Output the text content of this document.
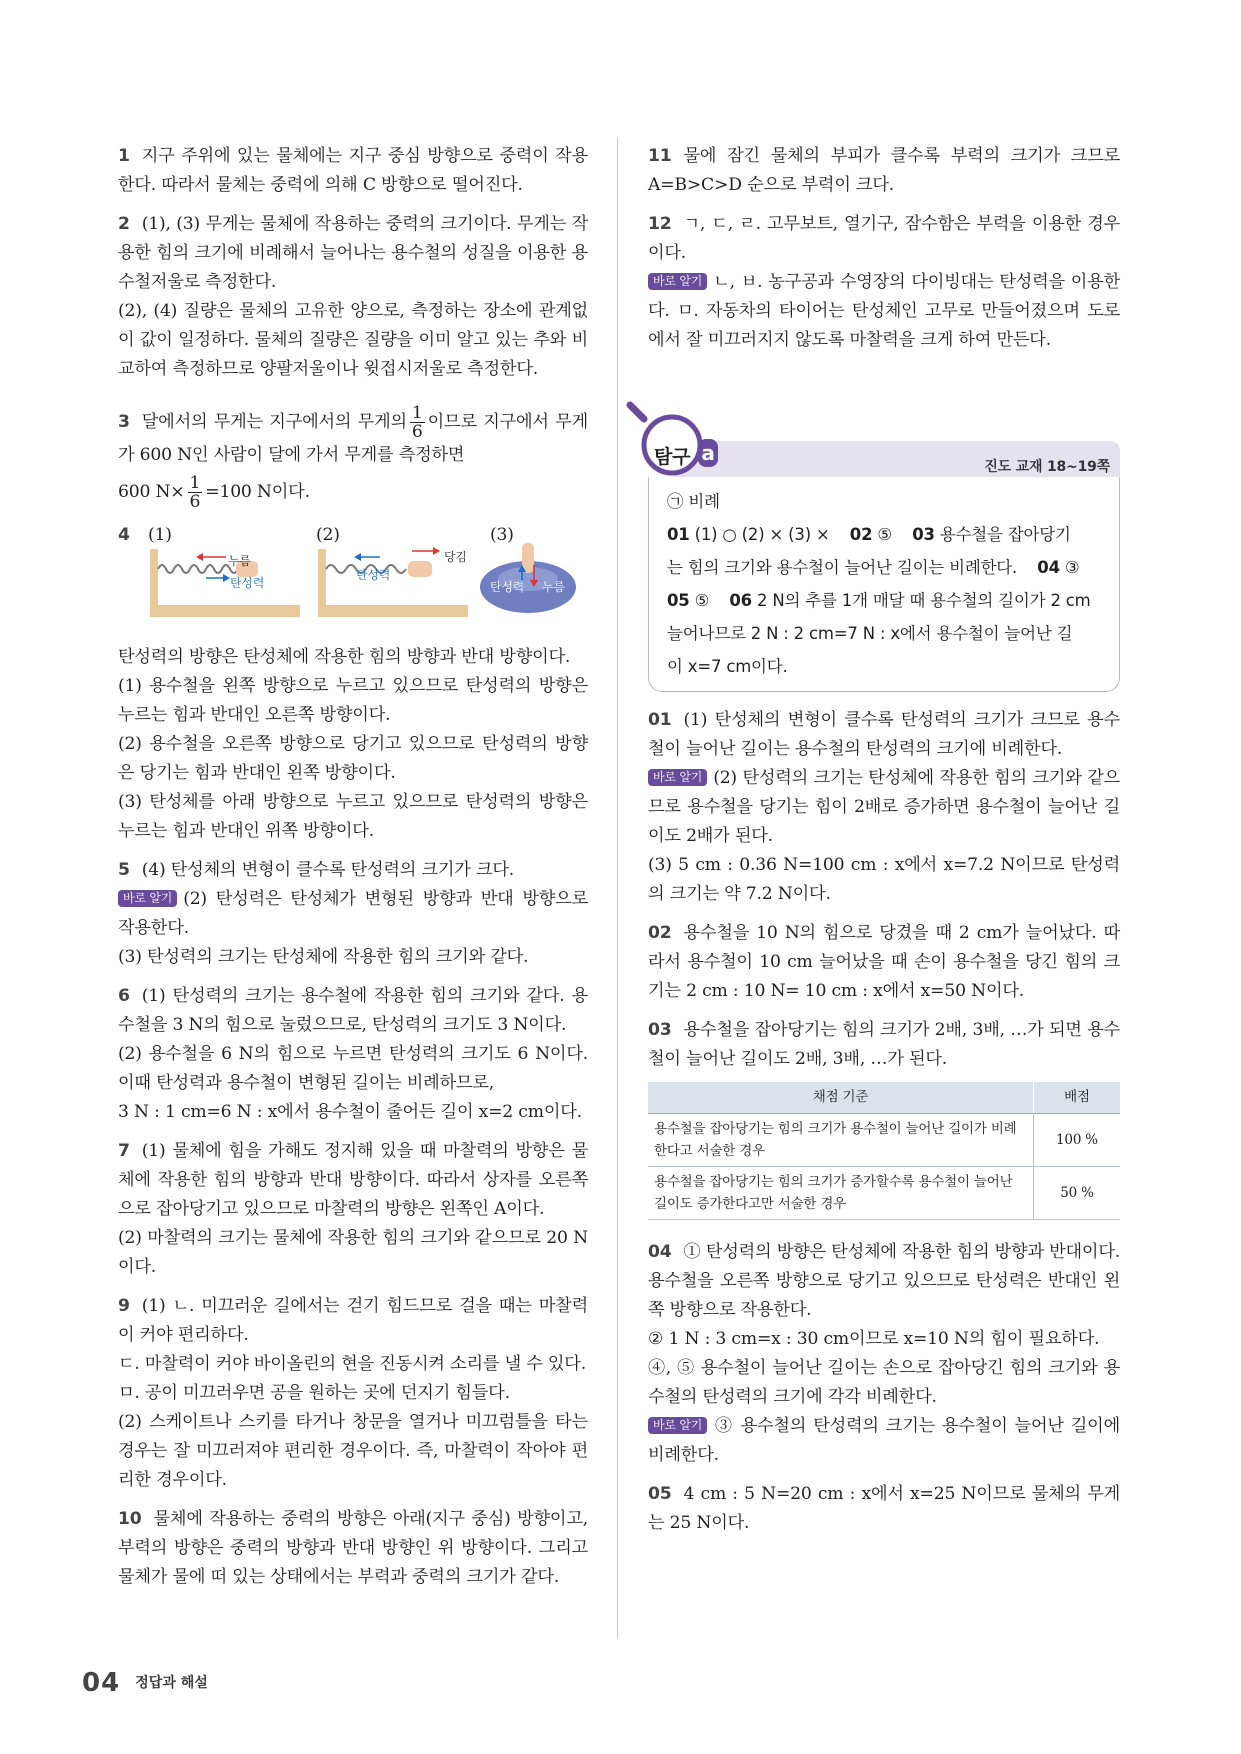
1 지구 주위에 있는 물체에는 지구 중심 방향으로 중력이 작용한다. 따라서 물체는 중력에 의해 C 방향으로 떨어진다.

2 (1), (3) 무게는 물체에 작용하는 중력의 크기이다. 무게는 작용한 힘의 크기에 비례해서 늘어나는 용수철의 성질을 이용한 용수철저울로 측정한다.

(2), (4) 질량은 물체의 고유한 양으로, 측정하는 장소에 관계없이 값이 일정하다. 물체의 질량은 질량을 이미 알고 있는 추와 비교하여 측정하므로 양팔저울이나 윗접시저울로 측정한다.

3 달에서의 무게는 지구에서의 무게의 $\frac{1}{6}$ 이므로 지구에서 무게가 600 N인 사람이 달에 가서 무게를 측정하면

600 $N\times \frac{1}{6} =100$ N이다.

4 (1)	(2)	(3)
누름
탄성력
탄성력
당김
탄성력 누름

탄성력의 방향은 탄성체에 작용한 힘의 방향과 반대 방향이다.

(1) 용수철을 왼쪽 방향으로 누르고 있으므로 탄성력의 방향은 누르는 힘과 반대인 오른쪽 방향이다.

(2) 용수철을 오른쪽 방향으로 당기고 있으므로 탄성력의 방향은 당기는 힘과 반대인 왼쪽 방향이다.

(3) 탄성체를 아래 방향으로 누르고 있으므로 탄성력의 방향은 누르는 힘과 반대인 위쪽 방향이다.

5 (4) 탄성체의 변형이 클수록 탄성력의 크기가 크다.

바로 알기 (2) 탄성력은 탄성체가 변형된 방향과 반대 방향으로 작용한다.

(3) 탄성력의 크기는 탄성체에 작용한 힘의 크기와 같다.

6 (1) 탄성력의 크기는 용수철에 작용한 힘의 크기와 같다. 용수철을 3 N의 힘으로 눌렀으므로, 탄성력의 크기도 3 N이다.

(2) 용수철을 6 N의 힘으로 누르면 탄성력의 크기도 6 N이다. 이때 탄성력과 용수철이 변형된 길이는 비례하므로,

3 N : 1 cm=6 N : x에서 용수철이 줄어든 길이 x=2 cm이다.

7 (1) 물체에 힘을 가해도 정지해 있을 때 마찰력의 방향은 물체에 작용한 힘의 방향과 반대 방향이다. 따라서 상자를 오른쪽으로 잡아당기고 있으므로 마찰력의 방향은 왼쪽인 A이다.

(2) 마찰력의 크기는 물체에 작용한 힘의 크기와 같으므로 20 N이다.

9 (1) ㄴ. 미끄러운 길에서는 걷기 힘드므로 걸을 때는 마찰력이 커야 편리하다.

ㄷ. 마찰력이 커야 바이올린의 현을 진동시켜 소리를 낼 수 있다.

ㅁ. 공이 미끄러우면 공을 원하는 곳에 던지기 힘들다.

(2) 스케이트나 스키를 타거나 창문을 열거나 미끄럼틀을 타는 경우는 잘 미끄러져야 편리한 경우이다. 즉, 마찰력이 작아야 편리한 경우이다.

10 물체에 작용하는 중력의 방향은 아래(지구 중심) 방향이고, 부력의 방향은 중력의 방향과 반대 방향인 위 방향이다. 그리고 물체가 물에 떠 있는 상태에서는 부력과 중력의 크기가 같다.

11 물에 잠긴 물체의 부피가 클수록 부력의 크기가 크므로 A=B>C>D 순으로 부력이 크다.

12 ㄱ, ㄷ, ㄹ. 고무보트, 열기구, 잠수함은 부력을 이용한 경우이다.

바로 알기 ㄴ, ㅂ. 농구공과 수영장의 다이빙대는 탄성력을 이용한다. ㅁ. 자동차의 타이어는 탄성체인 고무로 만들어졌으며 도로에서 잘 미끄러지지 않도록 마찰력을 크게 하여 만든다.

탐구 a
진도 교재 18~19쪽
㉠ 비례
01 (1) ○ (2) × (3) × 02 ⑤ 03 용수철을 잡아당기
는 힘의 크기와 용수철이 늘어난 길이는 비례한다. 04 ③
05 ⑤ 06 2 N의 추를 1개 매달 때 용수철의 길이가 2 cm
늘어나므로 2 N : 2 cm=7 N : x에서 용수철이 늘어난 길
이 x=7 cm이다.

01 (1) 탄성체의 변형이 클수록 탄성력의 크기가 크므로 용수철이 늘어난 길이는 용수철의 탄성력의 크기에 비례한다.

바로 알기 (2) 탄성력의 크기는 탄성체에 작용한 힘의 크기와 같으므로 용수철을 당기는 힘이 2배로 증가하면 용수철이 늘어난 길이도 2배가 된다.

(3) 5 cm : 0.36 N=100 cm : x에서 x=7.2 N이므로 탄성력의 크기는 약 7.2 N이다.

02 용수철을 10 N의 힘으로 당겼을 때 2 cm가 늘어났다. 따라서 용수철이 10 cm 늘어났을 때 손이 용수철을 당긴 힘의 크기는 2 cm : 10 N= 10 cm : x에서 x=50 N이다.

03 용수철을 잡아당기는 힘의 크기가 2배, 3배, …가 되면 용수철이 늘어난 길이도 2배, 3배, …가 된다.

채점 기준	배점
용수철을 잡아당기는 힘의 크기가 용수철이 늘어난 길이가 비례한다고 서술한 경우	100 %
용수철을 잡아당기는 힘의 크기가 증가할수록 용수철이 늘어난 길이도 증가한다고만 서술한 경우	50 %

04 ① 탄성력의 방향은 탄성체에 작용한 힘의 방향과 반대이다. 용수철을 오른쪽 방향으로 당기고 있으므로 탄성력은 반대인 왼쪽 방향으로 작용한다.

② 1 N : 3 cm=x : 30 cm이므로 x=10 N의 힘이 필요하다.

④, ⑤ 용수철이 늘어난 길이는 손으로 잡아당긴 힘의 크기와 용수철의 탄성력의 크기에 각각 비례한다.

바로 알기 ③ 용수철의 탄성력의 크기는 용수철이 늘어난 길이에 비례한다.

05 4 cm : 5 N=20 cm : x에서 x=25 N이므로 물체의 무게는 25 N이다.

04 정답과 해설
